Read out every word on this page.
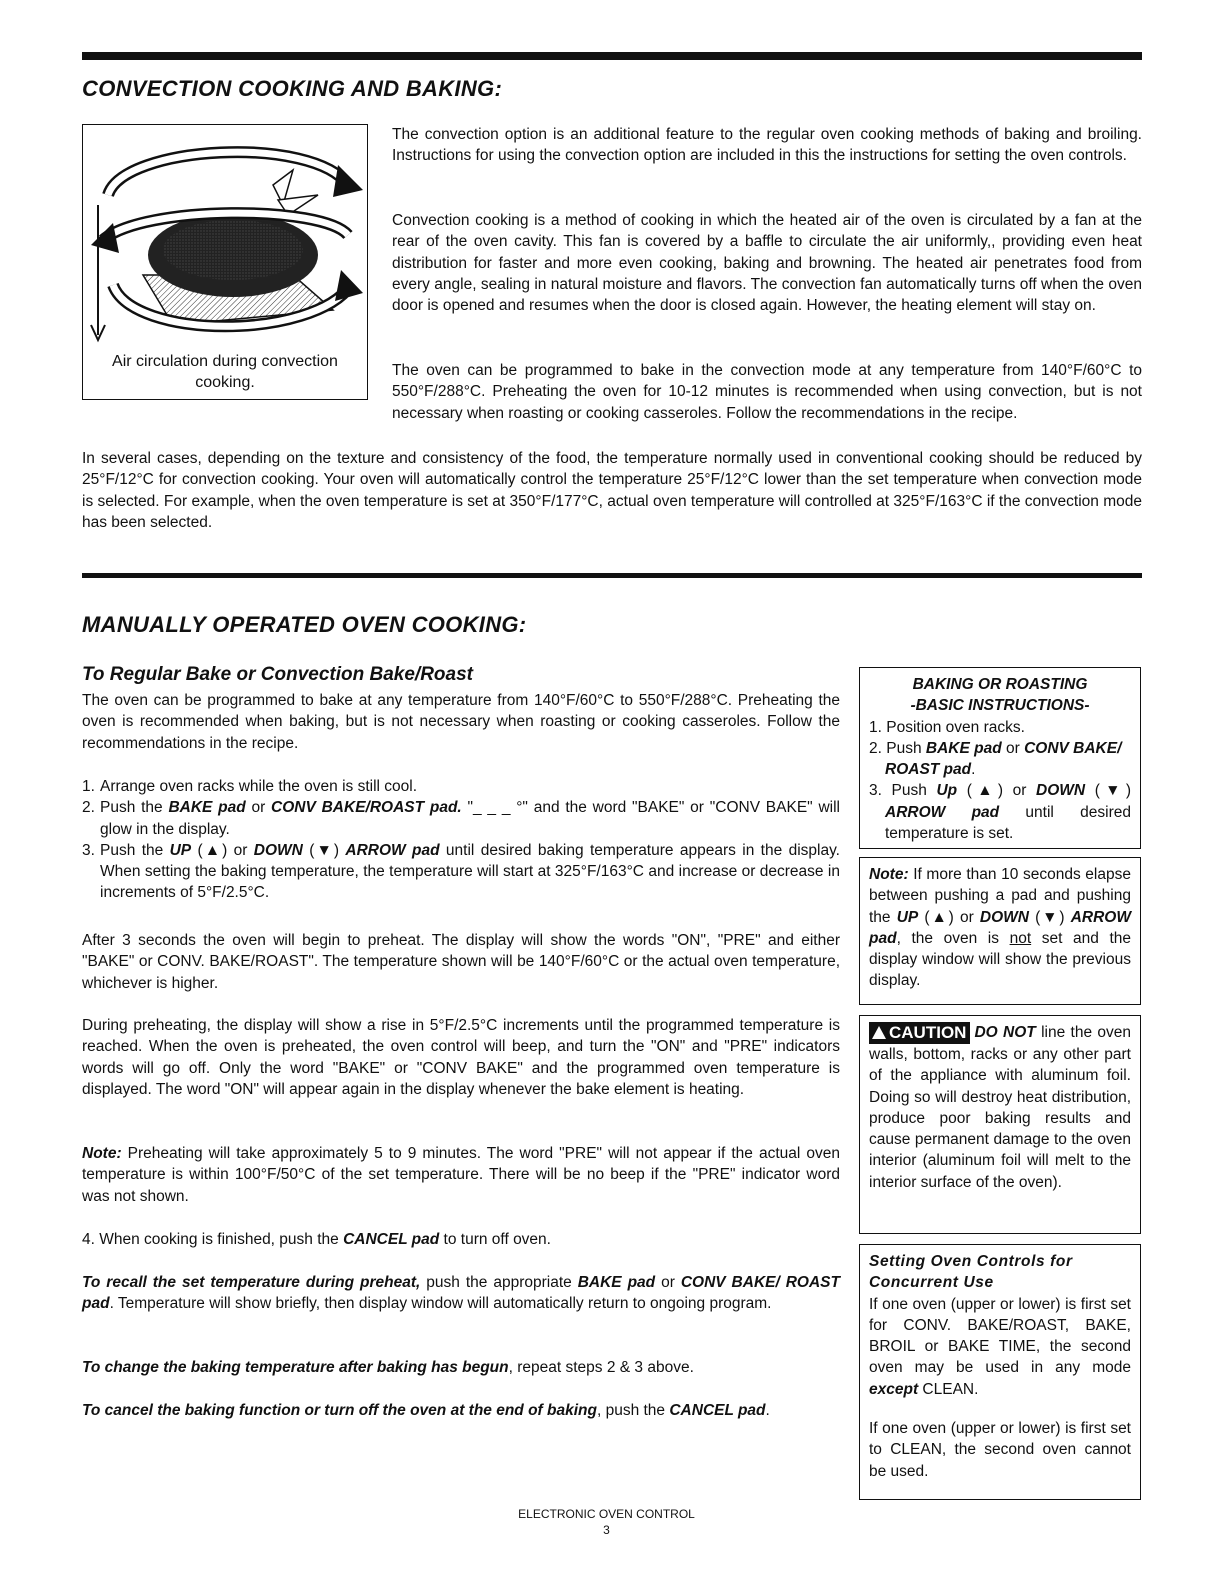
CONVECTION COOKING AND BAKING:
Air circulation during convection cooking.

The convection option is an additional feature to the regular oven cooking methods of baking and broiling. Instructions for using the convection option are included in this the instructions for setting the oven controls.

Convection cooking is a method of cooking in which the heated air of the oven is circulated by a fan at the rear of the oven cavity. This fan is covered by a baffle to circulate the air uniformly,, providing even heat distribution for faster and more even cooking, baking and browning. The heated air penetrates food from every angle, sealing in natural moisture and flavors. The convection fan automatically turns off when the oven door is opened and resumes when the door is closed again. However, the heating element will stay on.

The oven can be programmed to bake in the convection mode at any temperature from 140°F/60°C to 550°F/288°C. Preheating the oven for 10-12 minutes is recommended when using convection, but is not necessary when roasting or cooking casseroles. Follow the recommendations in the recipe.

In several cases, depending on the texture and consistency of the food, the temperature normally used in conventional cooking should be reduced by 25°F/12°C for convection cooking. Your oven will automatically control the temperature 25°F/12°C lower than the set temperature when convection mode is selected. For example, when the oven temperature is set at 350°F/177°C, actual oven temperature will controlled at 325°F/163°C if the convection mode has been selected.

MANUALLY OPERATED OVEN COOKING:
To Regular Bake or Convection Bake/Roast

The oven can be programmed to bake at any temperature from 140°F/60°C to 550°F/288°C. Preheating the oven is recommended when baking, but is not necessary when roasting or cooking casseroles. Follow the recommendations in the recipe.

1. Arrange oven racks while the oven is still cool.
2. Push the BAKE pad or CONV BAKE/ROAST pad. "_ _ _ °" and the word "BAKE" or "CONV BAKE" will glow in the display.
3. Push the UP (▲) or DOWN (▼) ARROW pad until desired baking temperature appears in the display. When setting the baking temperature, the temperature will start at 325°F/163°C and increase or decrease in increments of 5°F/2.5°C.

After 3 seconds the oven will begin to preheat. The display will show the words "ON", "PRE" and either "BAKE" or CONV. BAKE/ROAST". The temperature shown will be 140°F/60°C or the actual oven temperature, whichever is higher.

During preheating, the display will show a rise in 5°F/2.5°C increments until the programmed temperature is reached. When the oven is preheated, the oven control will beep, and turn the "ON" and "PRE" indicators words will go off. Only the word "BAKE" or "CONV BAKE" and the programmed oven temperature is displayed. The word "ON" will appear again in the display whenever the bake element is heating.

Note: Preheating will take approximately 5 to 9 minutes. The word "PRE" will not appear if the actual oven temperature is within 100°F/50°C of the set temperature. There will be no beep if the "PRE" indicator word was not shown.

4. When cooking is finished, push the CANCEL pad to turn off oven.

To recall the set temperature during preheat, push the appropriate BAKE pad or CONV BAKE/ ROAST pad. Temperature will show briefly, then display window will automatically return to ongoing program.

To change the baking temperature after baking has begun, repeat steps 2 & 3 above.

To cancel the baking function or turn off the oven at the end of baking, push the CANCEL pad.

BAKING OR ROASTING
-BASIC INSTRUCTIONS-
1. Position oven racks.
2. Push BAKE pad or CONV BAKE/ ROAST pad.
3. Push Up (▲) or DOWN (▼) ARROW pad until desired temperature is set.
Note: If more than 10 seconds elapse between pushing a pad and pushing the UP (▲) or DOWN (▼) ARROW pad, the oven is not set and the display window will show the previous display.
CAUTION DO NOT line the oven walls, bottom, racks or any other part of the appliance with aluminum foil. Doing so will destroy heat distribution, produce poor baking results and cause permanent damage to the oven interior (aluminum foil will melt to the interior surface of the oven).
Setting Oven Controls for Concurrent Use
If one oven (upper or lower) is first set for CONV. BAKE/ROAST, BAKE, BROIL or BAKE TIME, the second oven may be used in any mode except CLEAN.
If one oven (upper or lower) is first set to CLEAN, the second oven cannot be used.
ELECTRONIC OVEN CONTROL
3
